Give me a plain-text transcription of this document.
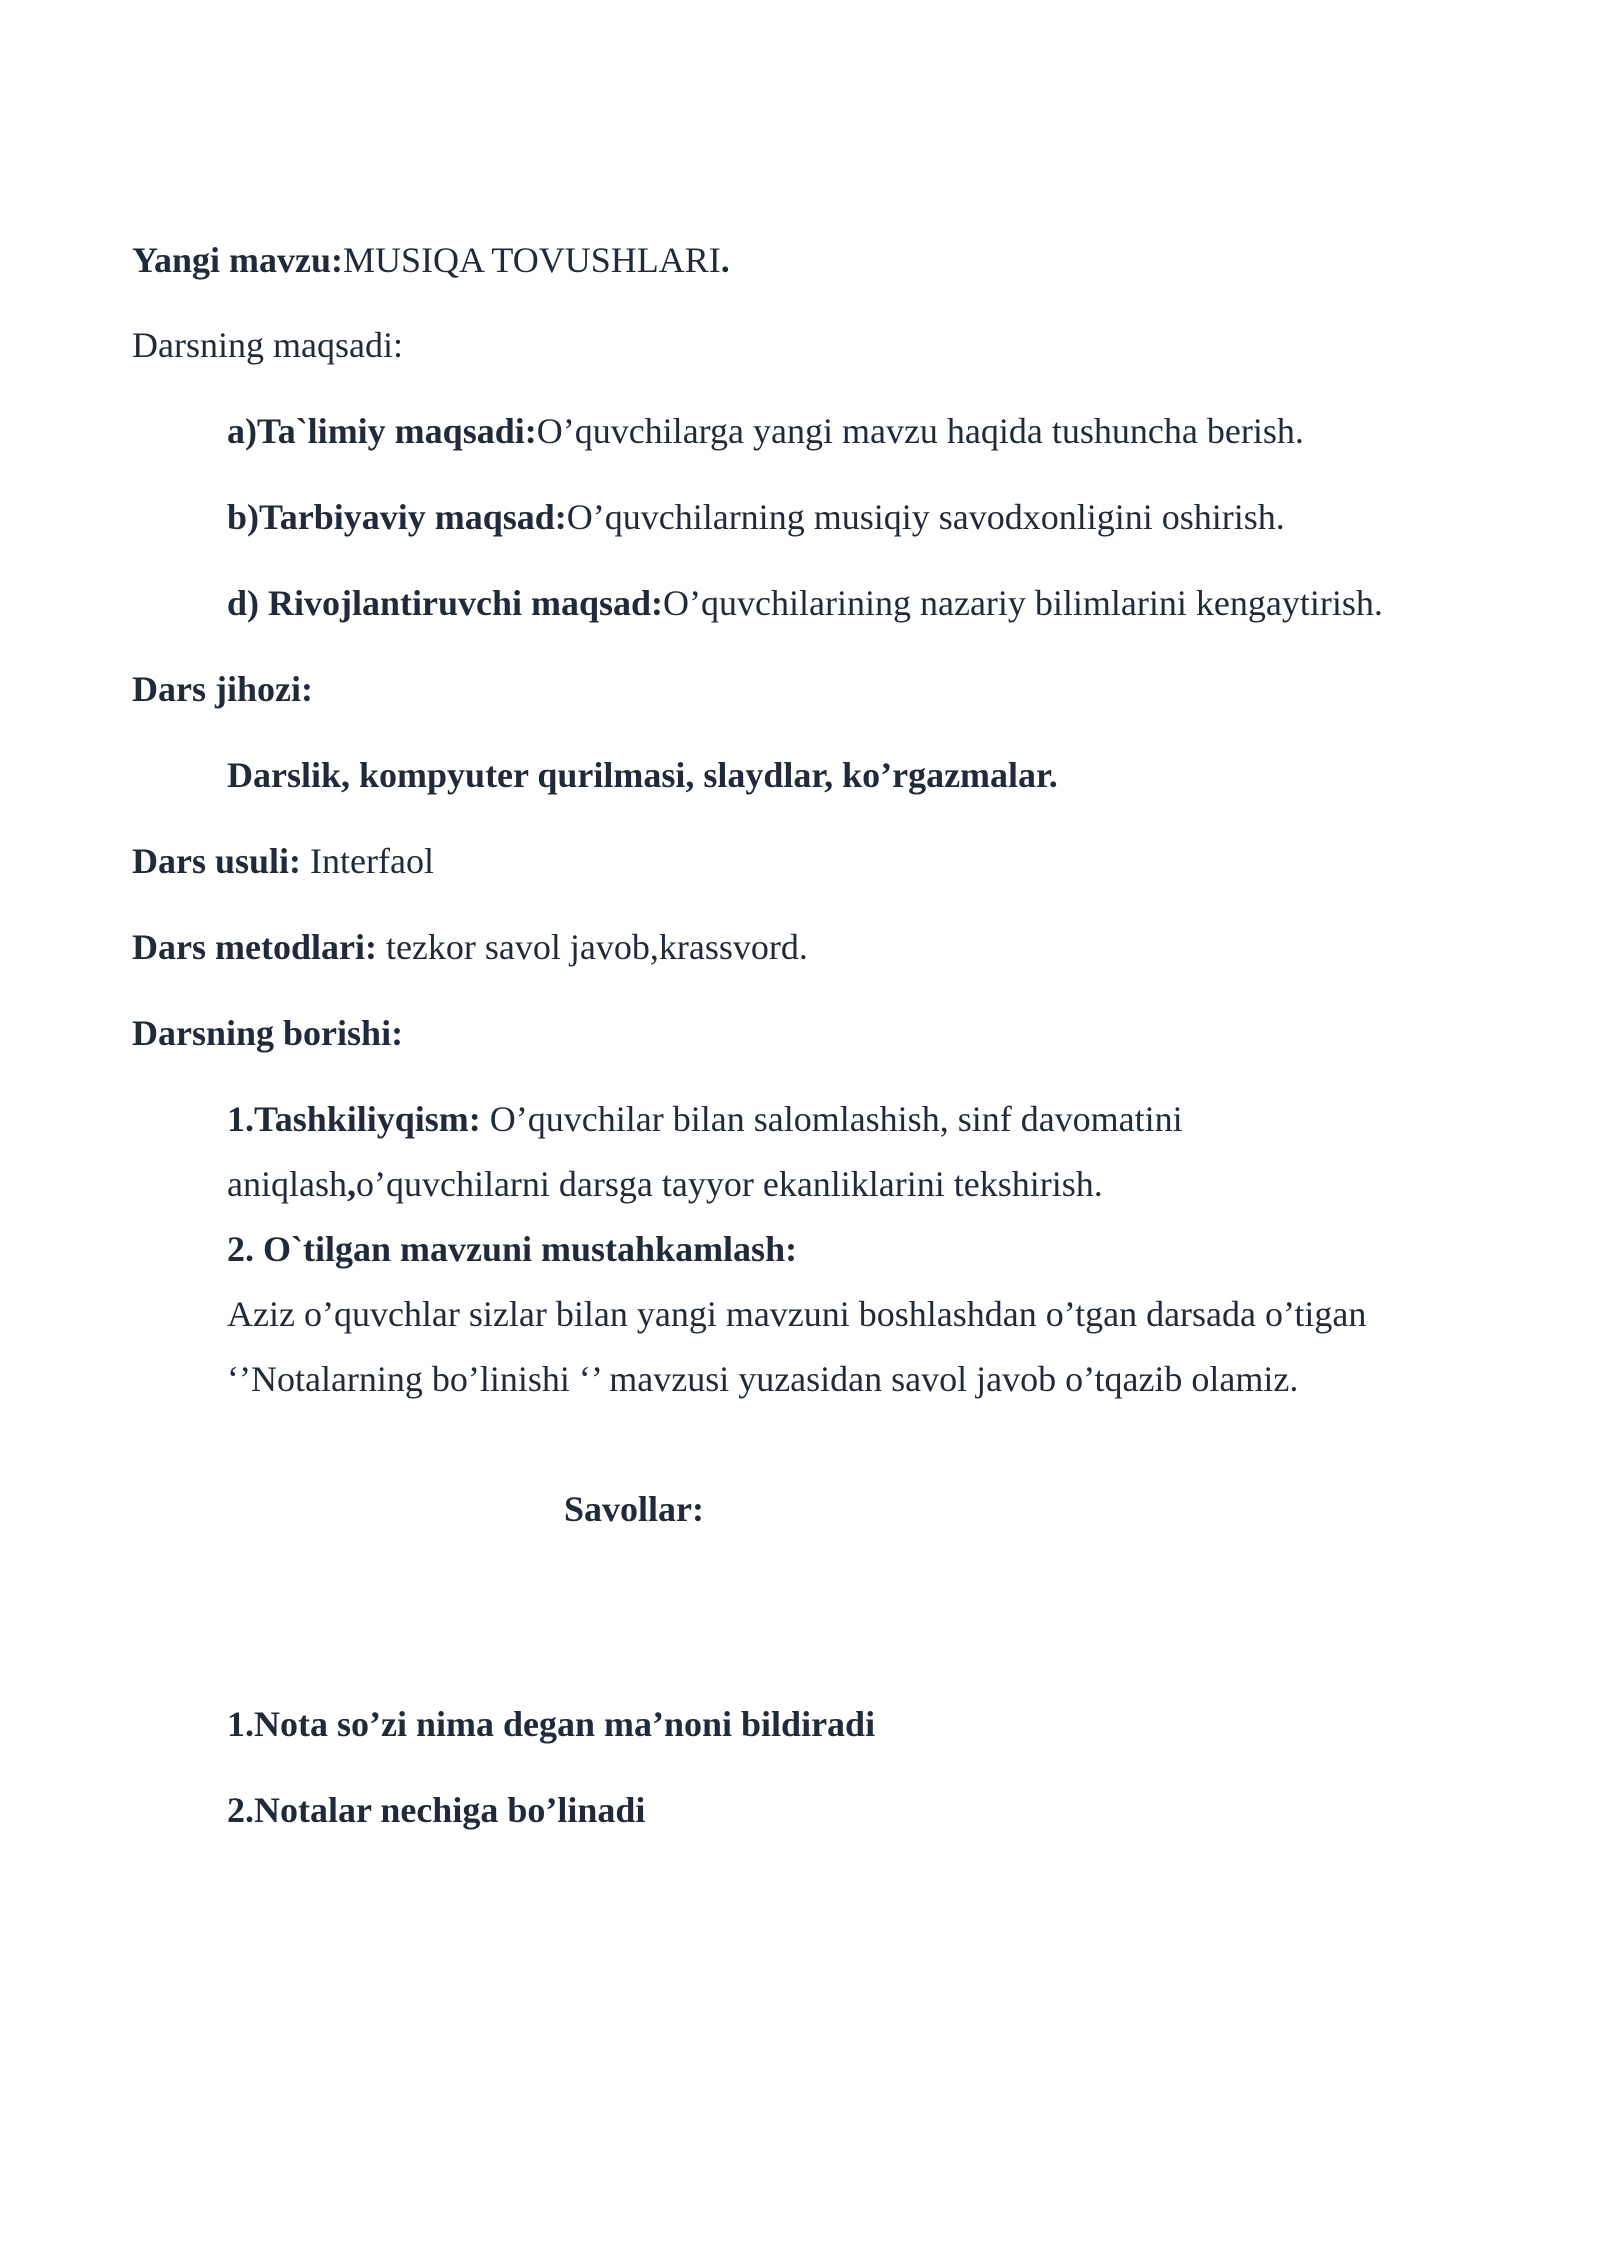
Yangi mavzu:MUSIQA TOVUSHLARI.
Darsning maqsadi:
a)Ta`limiy maqsadi:O’quvchilarga yangi mavzu haqida tushuncha berish.
b)Tarbiyaviy maqsad:O’quvchilarning musiqiy savodxonligini oshirish.
d) Rivojlantiruvchi maqsad:O’quvchilarining nazariy bilimlarini kengaytirish.
Dars jihozi:
Darslik, kompyuter qurilmasi, slaydlar, ko’rgazmalar.
Dars usuli: Interfaol
Dars metodlari: tezkor savol javob,krassvord.
Darsning borishi:
1.Tashkiliyqism: O’quvchilar bilan salomlashish, sinf davomatini
aniqlash,o’quvchilarni darsga tayyor ekanliklarini tekshirish.
2. O`tilgan mavzuni mustahkamlash:
Aziz o’quvchlar sizlar bilan yangi mavzuni boshlashdan o’tgan darsada o’tigan
‘’Notalarning bo’linishi ‘’ mavzusi yuzasidan savol javob o’tqazib olamiz.
Savollar:
1.Nota so’zi nima degan ma’noni bildiradi
2.Notalar nechiga bo’linadi
